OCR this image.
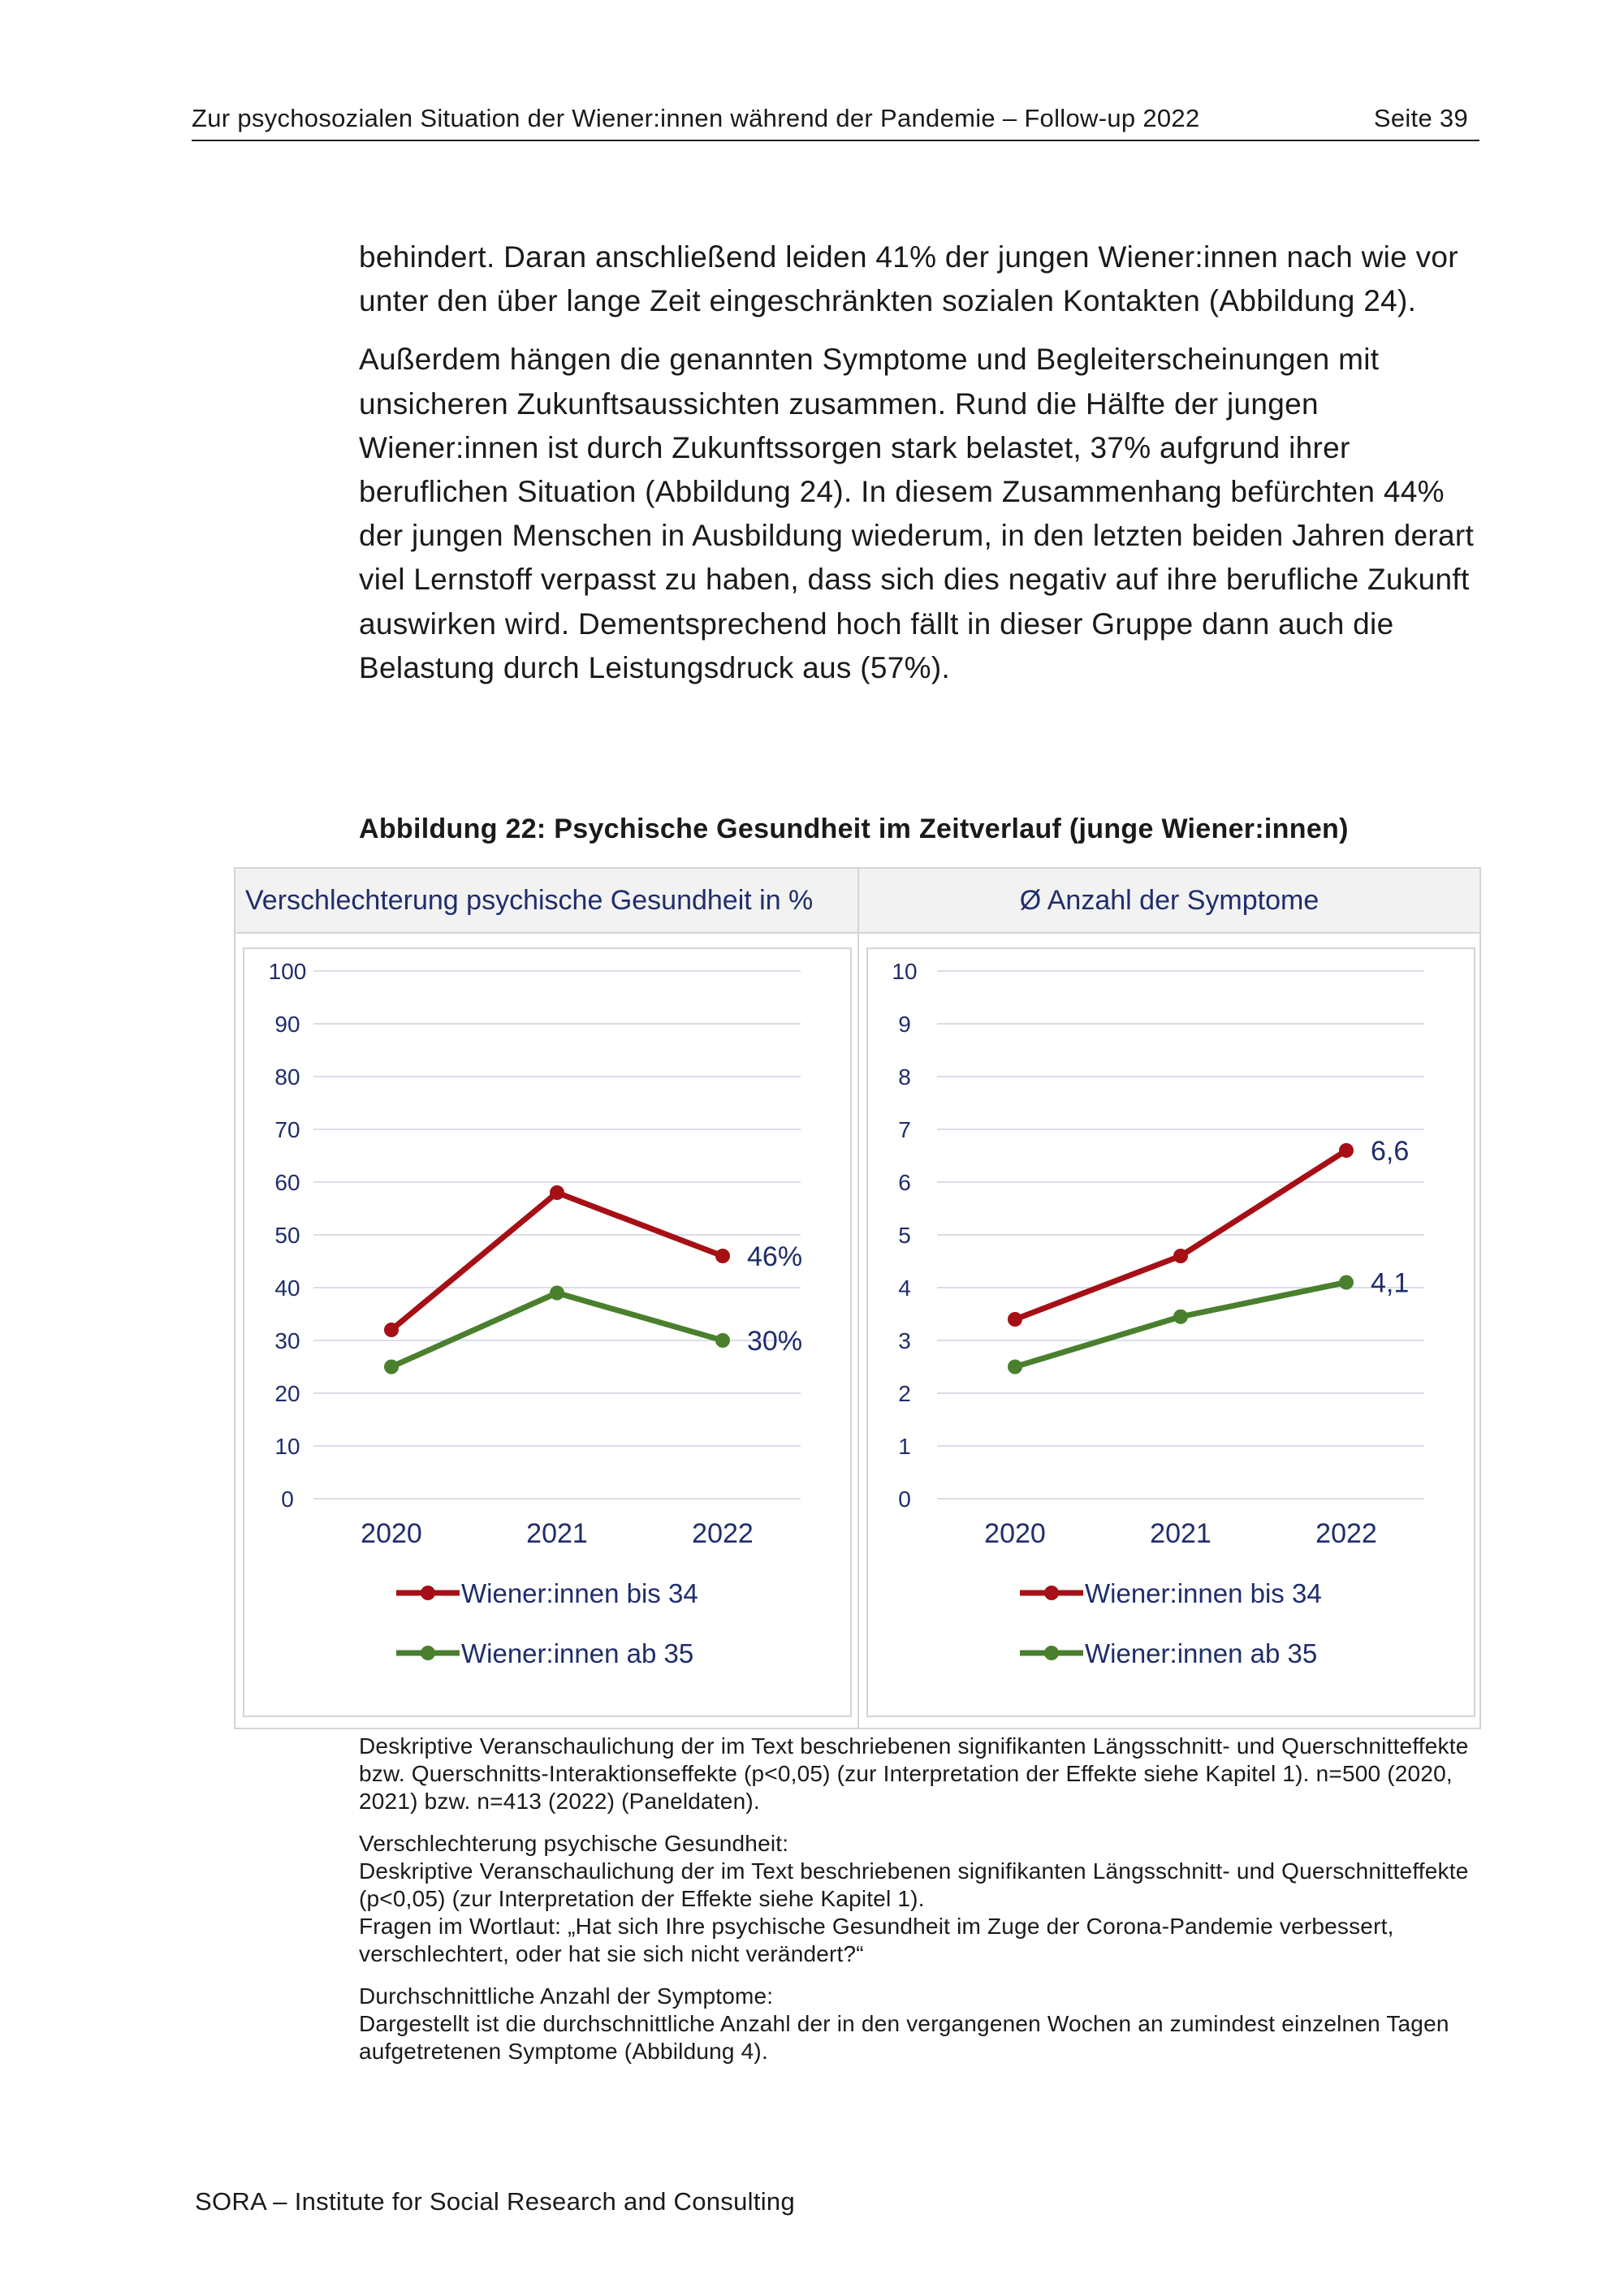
Zur psychosozialen Situation der Wiener:innen während der Pandemie – Follow-up 2022	Seite 39

behindert. Daran anschließend leiden 41% der jungen Wiener:innen nach wie vor unter den über lange Zeit eingeschränkten sozialen Kontakten (Abbildung 24).

Außerdem hängen die genannten Symptome und Begleiterscheinungen mit unsicheren Zukunftsaussichten zusammen. Rund die Hälfte der jungen Wiener:innen ist durch Zukunftssorgen stark belastet, 37% aufgrund ihrer beruflichen Situation (Abbildung 24). In diesem Zusammenhang befürchten 44% der jungen Menschen in Ausbildung wiederum, in den letzten beiden Jahren derart viel Lernstoff verpasst zu haben, dass sich dies negativ auf ihre berufliche Zukunft auswirken wird. Dementsprechend hoch fällt in dieser Gruppe dann auch die Belastung durch Leistungsdruck aus (57%).

Abbildung 22: Psychische Gesundheit im Zeitverlauf (junge Wiener:innen)
Verschlechterung psychische Gesundheit in %	Ø Anzahl der Symptome
0
10
20
30
40
50
60
70
80
90
100
2020	2021	2022
46%
Wiener:innen bis 34
30%
Wiener:innen ab 35
0
1
2
3
4
5
6
7
8
9
10
2020	2021	2022
6,6
Wiener:innen bis 34
4,1
Wiener:innen ab 35

Deskriptive Veranschaulichung der im Text beschriebenen signifikanten Längsschnitt- und Querschnitteffekte bzw. Querschnitts-Interaktionseffekte (p<0,05) (zur Interpretation der Effekte siehe Kapitel 1). n=500 (2020, 2021) bzw. n=413 (2022) (Paneldaten).

Verschlechterung psychische Gesundheit:
Deskriptive Veranschaulichung der im Text beschriebenen signifikanten Längsschnitt- und Querschnitteffekte (p<0,05) (zur Interpretation der Effekte siehe Kapitel 1).
Fragen im Wortlaut: „Hat sich Ihre psychische Gesundheit im Zuge der Corona-Pandemie verbessert, verschlechtert, oder hat sie sich nicht verändert?“

Durchschnittliche Anzahl der Symptome:
Dargestellt ist die durchschnittliche Anzahl der in den vergangenen Wochen an zumindest einzelnen Tagen aufgetretenen Symptome (Abbildung 4).

SORA – Institute for Social Research and Consulting
